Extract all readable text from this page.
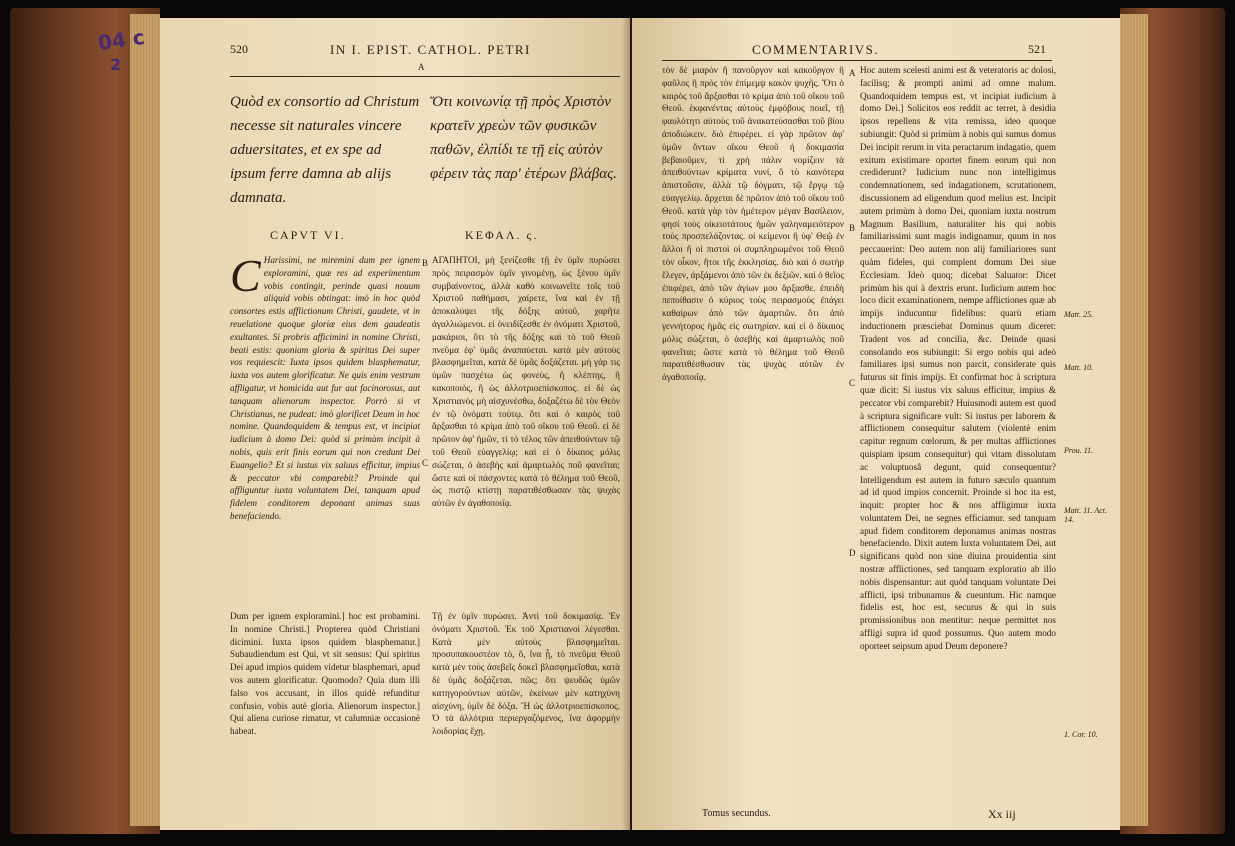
04 c
2
520	IN I. EPIST. CATHOL. PETRI
A
Quòd ex consortio ad Christum necesse sit naturales vincere aduersitates, et ex spe ad ipsum ferre damna ab alijs damnata.
Ὅτι κοινωνίᾳ τῇ πρὸς Χριστὸν κρατεῖν χρεὼν τῶν φυσικῶν παθῶν, ἐλπίδι τε τῇ εἰς αὐτὸν φέρειν τὰς παρ' ἑτέρων βλάβας.
CAPVT VI.	ΚΕΦΑΛ. ς.
C Harissimi, ne miremini dum per ignem exploramini, quæ res ad experimentum vobis contingit, perinde quasi nouum aliquid vobis obtingat: imò in hoc quòd consortes estis afflictionum Christi, gaudete, vt in reuelatione quoque gloriæ eius dem gaudeatis exultantes. Si probris afficimini in nomine Christi, beati estis: quoniam gloria & spiritus Dei super vos requiescit: Iuxta ipsos quidem blasphematur, iuxta vos autem glorificatur. Ne quis enim vestrum affligatur, vt homicida aut fur aut facinorosus, aut tanquam alienorum inspector. Porrò si vt Christianus, ne pudeat: imò glorificet Deum in hoc nomine. Quandoquidem & tempus est, vt incipiat iudicium à domo Dei: quòd si primùm incipit à nobis, quis erit finis eorum qui non credunt Dei Euangelio? Et si iustus vix saluus efficitur, impius & peccator vbi comparebit? Proinde qui affliguntur iuxta voluntatem Dei, tanquam apud fidelem conditorem deponant animas suas benefaciendo.
ΑΓΑΠΗΤΟΙ, μὴ ξενίζεσθε τῇ ἐν ὑμῖν πυρώσει πρὸς πειρασμὸν ὑμῖν γινομένῃ, ὡς ξένου ὑμῖν συμβαίνοντος, ἀλλὰ καθὸ κοινωνεῖτε τοῖς τοῦ Χριστοῦ παθήμασι, χαίρετε, ἵνα καὶ ἐν τῇ ἀποκαλύψει τῆς δόξης αὐτοῦ, χαρῆτε ἀγαλλιώμενοι. εἰ ὀνειδίζεσθε ἐν ὀνόματι Χριστοῦ, μακάριοι, ὅτι τὸ τῆς δόξης καὶ τὸ τοῦ Θεοῦ πνεῦμα ἐφ' ὑμᾶς ἀναπαύεται. κατὰ μὲν αὐτοὺς βλασφημεῖται, κατὰ δὲ ὑμᾶς δοξάζεται. μὴ γάρ τις ὑμῶν πασχέτω ὡς φονεὺς, ἢ κλέπτης, ἢ κακοποιὸς, ἢ ὡς ἀλλοτριοεπίσκοπος. εἰ δὲ ὡς Χριστιανὸς μὴ αἰσχυνέσθω, δοξαζέτω δὲ τὸν Θεὸν ἐν τῷ ὀνόματι τούτῳ. ὅτι καὶ ὁ καιρὸς τοῦ ἄρξασθαι τὸ κρίμα ἀπὸ τοῦ οἴκου τοῦ Θεοῦ. εἰ δὲ πρῶτον ἀφ' ἡμῶν, τί τὸ τέλος τῶν ἀπειθούντων τῷ τοῦ Θεοῦ εὐαγγελίῳ; καὶ εἰ ὁ δίκαιος μόλις σώζεται, ὁ ἀσεβὴς καὶ ἁμαρτωλὸς ποῦ φανεῖται; ὥστε καὶ οἱ πάσχοντες κατὰ τὸ θέλημα τοῦ Θεοῦ, ὡς πιστῷ κτίστῃ παρατιθέσθωσαν τὰς ψυχὰς αὐτῶν ἐν ἀγαθοποιΐᾳ.
B
C
Dum per ignem exploramini.] hoc est probamini. In nomine Christi.] Propterea quòd Christiani dicimini. Iuxta ipsos quidem blasphematur.] Subaudiendum est Qui, vt sit sensus: Qui spiritus Dei apud impios quidem videtur blasphemari, apud vos autem glorificatur. Quomodo? Quia dum illi falso vos accusant, in illos quidè refunditur confusio, vobis autè gloria. Alienorum inspector.] Qui aliena curiose rimatur, vt calumniæ occasionè habeat.
Τῇ ἐν ὑμῖν πυρώσει. Ἀντὶ τοῦ δοκιμασίᾳ. Ἐν ὀνόματι Χριστοῦ. Ἐκ τοῦ Χριστιανοὶ λέγεσθαι. Κατὰ μὲν αὐτοὺς βλασφημεῖται. προσυπακουστέον τὸ, ὃ, ἵνα ᾖ, τὸ πνεῦμα Θεοῦ κατὰ μὲν τοὺς ἀσεβεῖς δοκεῖ βλασφημεῖσθαι, κατὰ δὲ ὑμᾶς δοξάζεται. πῶς; ὅτι ψευδῶς ὑμῶν κατηγορούντων αὐτῶν, ἐκείνων μὲν κατηχύνη αἰσχύνη, ὑμῖν δὲ δόξα. Ἢ ὡς ἀλλοτριοεπίσκοπος. Ὁ τὰ ἀλλότρια περιεργαζόμενος, ἵνα ἀφορμὴν λοιδορίας ἔχῃ.
COMMENTARIVS.	521
τὸν δὲ μιαρὸν ἢ πανοῦργον καὶ κακοῦργον ἢ φαῦλος ἢ πρὸς τὸν ἐπίμεμψ κακὸν ψυχῆς. Ὅτι ὁ καιρὸς τοῦ ἄρξασθαι τὸ κρίμα ἀπὸ τοῦ οἴκου τοῦ Θεοῦ. ἐκφανέντας αὐτοὺς ἐμφόβους ποιεῖ, τῇ φαυλότητι αὐτοὺς τοῦ ἀνακατεύσασθαι τοῦ βίου ἀποδιώκειν. διὸ ἐπιφέρει. εἰ γὰρ πρῶτον ἀφ' ὑμῶν ὄντων οἴκου Θεοῦ ἡ δοκιμασία βεβαιοῦμεν, τί χρὴ πάλιν νομίζειν τὰ ἀπειθούντων κρίματα νυνί, ὃ τὸ καινότερα ἀπιστοῦσιν, ἀλλὰ τῷ δόγματι, τῷ ἔργῳ τῷ εὐαγγελίῳ. ἄρχεται δὲ πρῶτον ἀπὸ τοῦ οἴκου τοῦ Θεοῦ. κατὰ γὰρ τὸν ἡμέτερον μέγαν Βασίλειον, φησί τοὺς οἰκειοτάτους ἡμῶν γαληναμειότερον τοὺς προσπελάζοντας. οἱ κείμενοι ἢ ὑφ' Θεῷ ἐν ἄλλοι ἢ οἱ πιστοὶ οἱ συμπληρωμένοι τοῦ Θεοῦ τὸν οἶκον, ἤτοι τῆς ἐκκλησίας. διὸ καὶ ὁ σωτὴρ ἔλεγεν, ἀρξάμενοι ἀπὸ τῶν ἐκ δεξιῶν. καὶ ὁ θεῖος ἐπιφέρει, ἀπὸ τῶν ἁγίων μου ἄρξασθε. ἐπειδὴ πεποίθασιν ὁ κύριος τοὺς πειρασμοὺς ἐπάγει καθαίρων ἀπὸ τῶν ἁμαρτιῶν. ὅτι ἀπὸ γεννήτορος ἡμᾶς εἰς σωτηρίαν. καὶ εἰ ὁ δίκαιος μόλις σώζεται, ὁ ἀσεβὴς καὶ ἁμαρτωλὸς ποῦ φανεῖται; ὥστε κατὰ τὸ θέλημα τοῦ Θεοῦ παρατιθέσθωσαν τὰς ψυχὰς αὐτῶν ἐν ἀγαθοποιΐᾳ.
A
B
C
D
Hoc autem scelesti animi est & veteratoris ac dolosi, facilisq; & prompti animi ad omne malum. Quandoquidem tempus est, vt incipiat iudicium à domo Dei.] Solicitos eos reddit ac terret, à desidia ipsos repellens & vita remissa, ideo quoque subiungit: Quòd si primùm à nobis qui sumus domus Dei incipit rerum in vita peractarum indagatio, quem exitum existimare oportet finem eorum qui non crediderunt? Iudicium nunc non intelligimus condemnationem, sed indagationem, scrutationem, discussionem ad eligendum quod melius est. Incipit autem primùm à domo Dei, quoniam iuxta nostrum Magnum Basilium, naturaliter his qui nobis familiarissimi sunt magis indignamur, quum in nos peccauerint: Deo autem non alij familiariores sunt quàm fideles, qui complent domum Dei siue Ecclesiam. Ideò quoq; dicebat Saluator: Dicet primùm his qui à dextris erunt. Iudicium autem hoc loco dicit examinationem, nempe afflictiones quæ ab impijs inducuntur fidelibus: quarù etiam inductionem præsciebat Dominus quum diceret: Tradent vos ad concilia, &c. Deinde quasi consolando eos subiungit: Si ergo nobis qui adeò familiares ipsi sumus non parcit, considerate quis futurus sit finis impijs. Et confirmat hoc à scriptura quæ dicit: Si iustus vix saluus efficitur, impius & peccator vbi comparebit? Huiusmodi autem est quod à scriptura significare vult: Si iustus per laborem & afflictionem consequitur salutem (violentè enim capitur regnum cœlorum, & per multas afflictiones quispiam ipsum consequitur) qui vitam dissolutam ac voluptuosâ degunt, quid consequentur? Intelligendum est autem in futuro sæculo quantum ad id quod impios concernit. Proinde si hoc ita est, inquit: propter hoc & nos affligimur iuxta voluntatem Dei, ne segnes efficiamur. sed tanquam apud fidem conditorem deponamus animas nostras benefaciendo. Dixit autem Iuxta voluntatem Dei, aut significans quòd non sine diuina prouidentia sint nostræ afflictiones, sed tanquam exploratio ab illo nobis dispensantur: aut quòd tanquam voluntate Dei afflicti, ipsi tribunamus & cueuntum. Hic namque fidelis est, hoc est, securus & qui in suis promissionibus non mentitur: neque permittet nos affligi supra id quod possumus. Quo autem modo oporteet seipsum apud Deum deponere?
Matt. 25.
Matt. 10.
Prou. 11.
Matt. 11. Act. 14.
1. Cor. 10.
Tomus secundus.	Xx iij
